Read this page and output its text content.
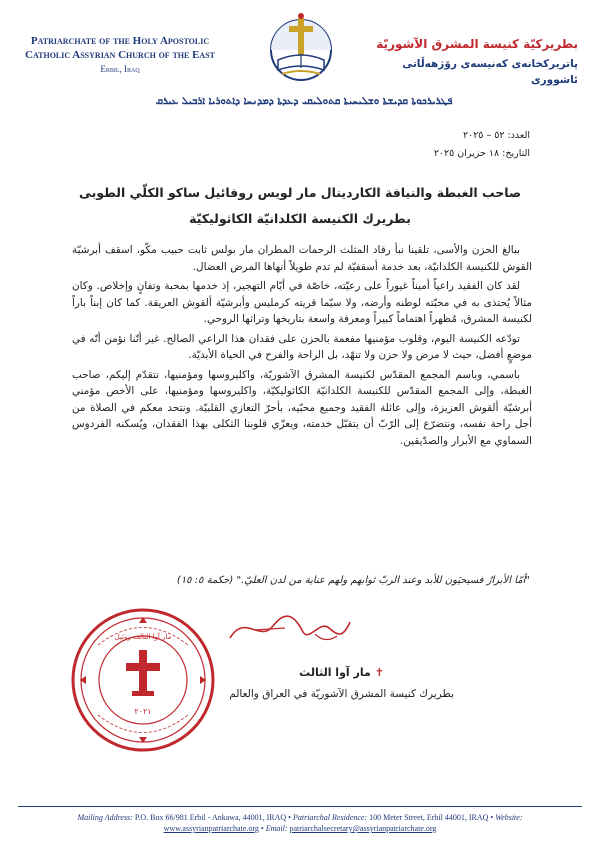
Patriarchate of the Holy Apostolic
Catholic Assyrian Church of the East
Erbil, Iraq
بطريركيّة كنيسة المشرق الآشوريّة
پاتريرکخانەی کەنيسەی رۆژهەڵاتی ئاشووری
ܦܛܪܝܪܟܘܬܐ ܩܕܝܫܬܐ ܘܫܠܝܚܝܬܐ ܩܬܘܠܝܩܝ ܕܥܕܬܐ ܕܡܕܢܚܐ ܕܐܬܘܪܝܐ ܐܪܒܝܠ ܥܝܪܩ
العدد: ٥٢ – ٢٠٢٥
التاريخ: ١٨ حزيران ٢٠٢٥
صاحب الغبطة والنيافة الكاردينال مار لويس روفائيل ساكو الكلّي الطوبى
بطريرك الكنيسة الكلدانيّة الكاثوليكيّة

ببالغ الحزن والأسى، تلقينا نبأ رقاد المثلث الرحمات المطران مار بولس ثابت حبيب مكّو، اسقف أبرشيّة القوش للكنيسة الكلدانيّة، بعد خدمة أسقفيّة لم تدم طويلاً أنهاها المرض العضال.

لقد كان الفقيد راعياً أميناً غيوراً على رعيّته، خاصّة في أيّام التهجير، إذ خدمها بمحبة وتفانٍ وإخلاص. وكان مثالاً يُحتذى به في محبّته لوطنه وأرضه، ولا سيّما قريته كرمليس وأبرشيّة ألقوش العريقة. كما كان إبناً باراً لكنيسة المشرق، مُظهراً اهتماماً كبيراً ومعرفة واسعة بتاريخها وتراثها الروحي.

تودّعه الكنيسة اليوم، وقلوب مؤمنيها مفعمة بالحزن على فقدان هذا الراعي الصالح. غير أنّنا نؤمن أنّه في موضعٍ أفضل، حيث لا مرض ولا حزن ولا تنهّد، بل الراحة والفرح في الحياة الأبديّة.

باسمي، وباسم المجمع المقدّس لكنيسة المشرق الآشوريّة، واكليروسها ومؤمنيها، نتقدّم إليكم، صاحب الغبطة، وإلى المجمع المقدّس للكنيسة الكلدانيّة الكاثوليكيّة، واكليروسها ومؤمنيها، على الأخص مؤمني أبرشيّة ألقوش العزيزة، وإلى عائلة الفقيد وجميع محبّيه، بأحرّ التعازي القلبيّة. ونتحد معكم في الصلاة من أجل راحة نفسه، ونتضرّع إلى الرّبّ أن يتقبّل خدمته، ويعزّي قلوبنا الثكلى بهذا الفقدان، ويُسكنه الفردوس السماوي مع الأبرار والصدّيقين.

"أمّا الأبرارُ فسيحيَون للأبد وعند الربّ ثوابهم ولهم عناية من لدن العليّ." (حكمة ٥: ١٥)
مار آوا الثالث روئيل
٢٠٢١
✝مار آوا الثالث
بطريرك كنيسة المشرق الآشوريّة في العراق والعالم
Mailing Address: P.O. Box 66/981 Erbil - Ankawa, 44001, IRAQ • Patriarchal Residence: 100 Meter Street, Erbil 44001, IRAQ • Website:
www.assyrianpatriarchate.org • Email: patriarchalsecretary@assyrianpatriarchate.org
